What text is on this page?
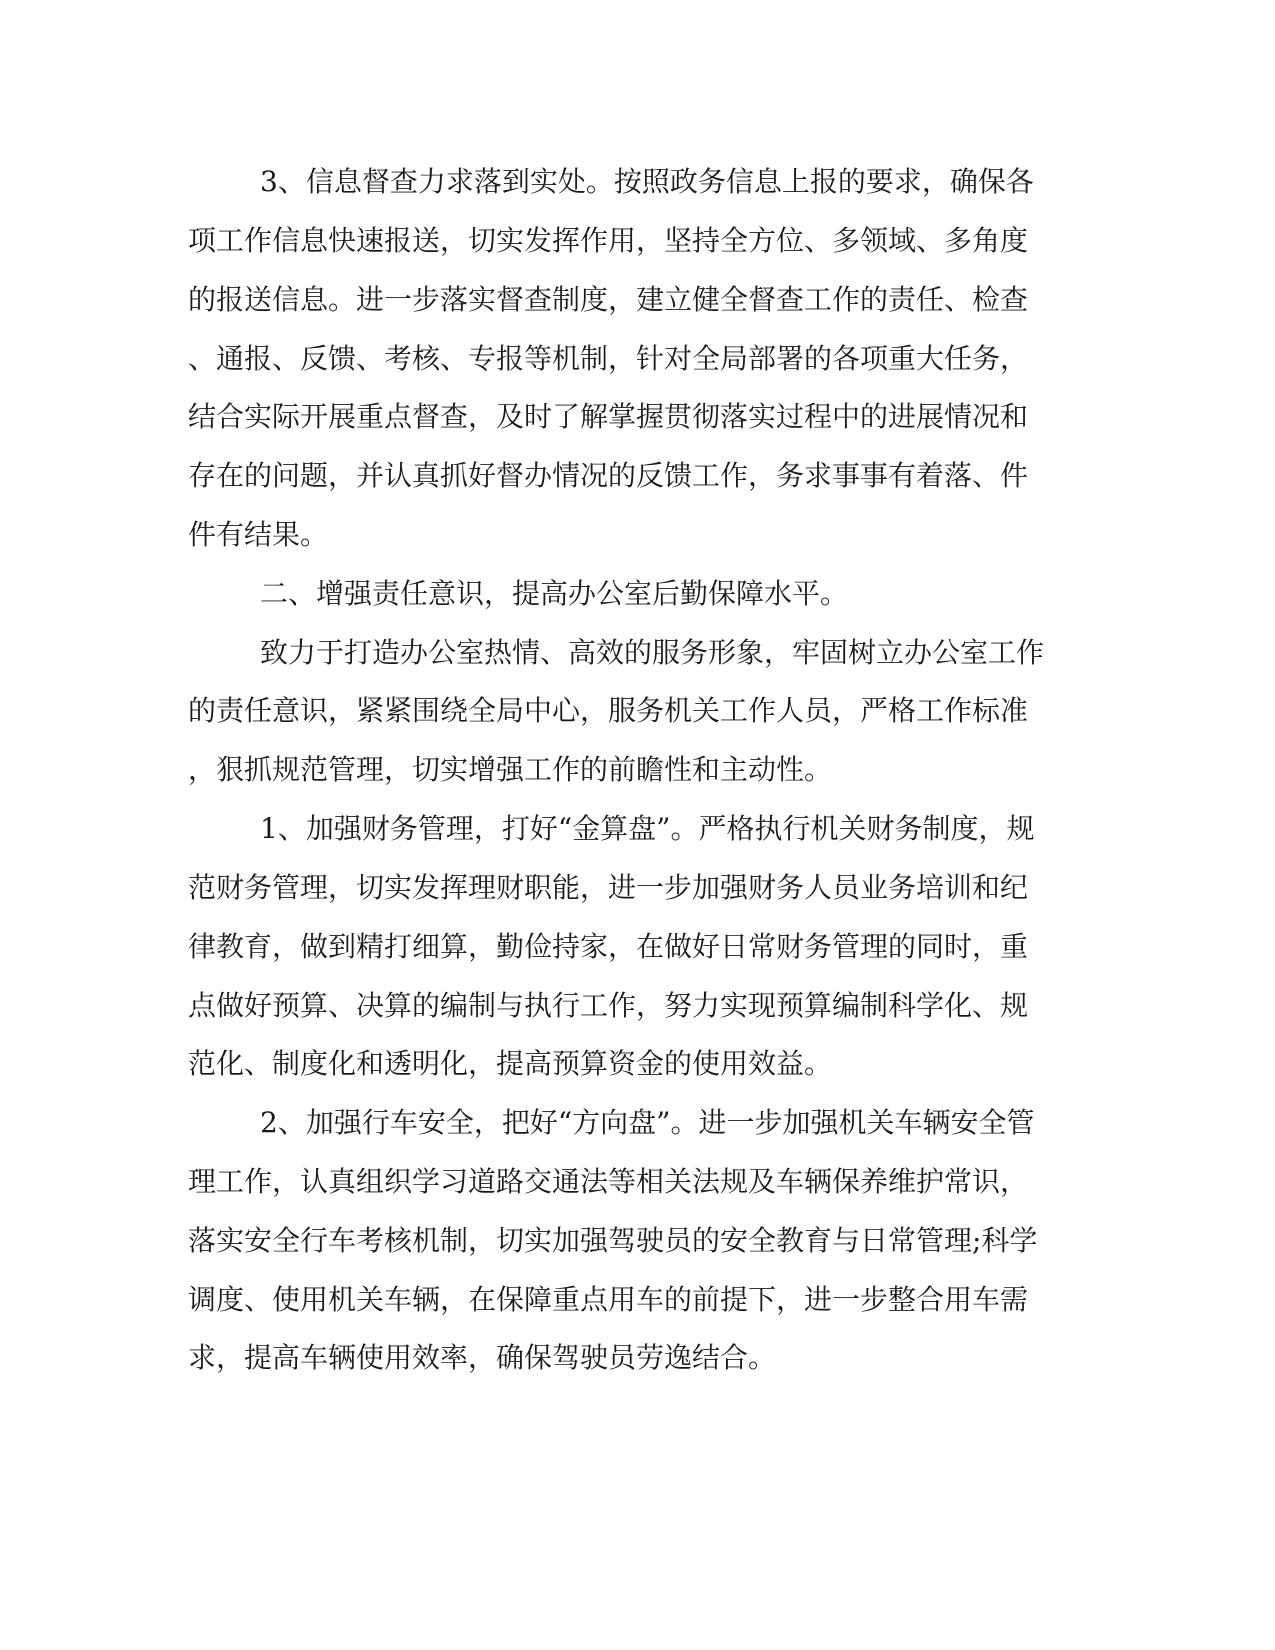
3、信息督查力求落到实处。按照政务信息上报的要求，确保各
项工作信息快速报送，切实发挥作用，坚持全方位、多领域、多角度
的报送信息。进一步落实督查制度，建立健全督查工作的责任、检查
、通报、反馈、考核、专报等机制，针对全局部署的各项重大任务，
结合实际开展重点督查，及时了解掌握贯彻落实过程中的进展情况和
存在的问题，并认真抓好督办情况的反馈工作，务求事事有着落、件
件有结果。
二、增强责任意识，提高办公室后勤保障水平。
致力于打造办公室热情、高效的服务形象，牢固树立办公室工作
的责任意识，紧紧围绕全局中心，服务机关工作人员，严格工作标准
，狠抓规范管理，切实增强工作的前瞻性和主动性。
1、加强财务管理，打好“金算盘”。严格执行机关财务制度，规
范财务管理，切实发挥理财职能，进一步加强财务人员业务培训和纪
律教育，做到精打细算，勤俭持家，在做好日常财务管理的同时，重
点做好预算、决算的编制与执行工作，努力实现预算编制科学化、规
范化、制度化和透明化，提高预算资金的使用效益。
2、加强行车安全，把好“方向盘”。进一步加强机关车辆安全管
理工作，认真组织学习道路交通法等相关法规及车辆保养维护常识，
落实安全行车考核机制，切实加强驾驶员的安全教育与日常管理;科学
调度、使用机关车辆，在保障重点用车的前提下，进一步整合用车需
求，提高车辆使用效率，确保驾驶员劳逸结合。
